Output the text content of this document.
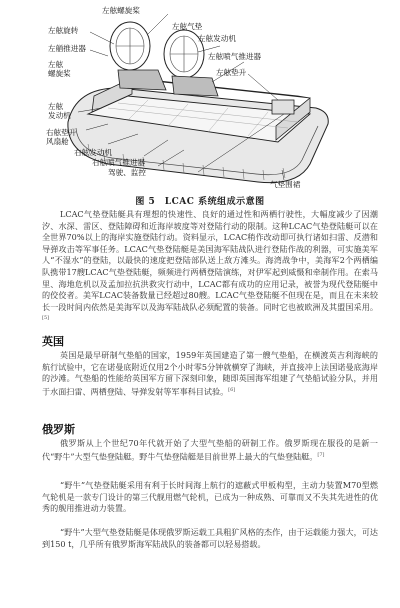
左舷螺旋桨
左舷旋转
左艏推进器
左舷
螺旋桨
左舷发动机
左舷喷气推进器
左舷垫升
左舷
发动机
右舷垫升
风扇舱
右舷发动机
右舷喷气推进器
驾驶、监控
气垫围裙
左舷气垫
图 5　LCAC 系统组成示意图
LCAC气垫登陆艇具有理想的快速性、良好的通过性和两栖行驶性，大幅度减少了因潮汐、水深、雷区、登陆障碍和近海岸坡度等对登陆行动的限制。这种LCAC气垫登陆艇可以在全世界70%以上的海岸实施登陆行动。资料显示，LCAC稍作改动即可执行诸如扫雷、反潜和导弹攻击等军事任务。LCAC气垫登陆艇是美国海军陆战队进行登陆作战的利器，可实施美军人“不湿水”的登陆，以最快的速度把登陆部队送上敌方滩头。海湾战争中，美海军2个两栖编队携带17艘LCAC气垫登陆艇，频频进行两栖登陆演练，对伊军起到威慑和牵制作用。在索马里、海地危机以及孟加拉抗洪救灾行动中，LCAC都有成功的应用记录，被誉为现代登陆艇中的佼佼者。美军LCAC装备数量已经超过80艘。LCAC气垫登陆艇不但现在是，而且在未来较长一段时间内依然是美海军以及海军陆战队必须配置的装备。同时它也被欧洲及其盟国采用。[5]
英国
英国是最早研制气垫船的国家，1959年英国建造了第一艘气垫船，在横渡英吉利海峡的航行试验中，它在诺曼底附近仅用2个小时零5分钟就横穿了海峡，并直接冲上法国诺曼底海岸的沙滩。气垫船的性能给英国军方留下深刻印象，随即英国海军组建了气垫船试验分队，并用于水面扫雷、两栖登陆、导弹发射等军事科目试验。[6]
俄罗斯
俄罗斯从上个世纪70年代就开始了大型气垫船的研制工作。俄罗斯现在服役的是新一代“野牛”大型气垫登陆艇。野牛气垫登陆艇是目前世界上最大的气垫登陆艇。[7]
“野牛”气垫登陆艇采用有利于长时间海上航行的遮蔽式甲板构型，主动力装置M70型燃气轮机是一款专门设计的第三代舰用燃气轮机，已成为一种成熟、可靠而又不失其先进性的优秀的舰用推进动力装置。
“野牛”大型气垫登陆艇是体现俄罗斯运载工具粗犷风格的杰作，由于运载能力强大，可达到150 t，几乎所有俄罗斯海军陆战队的装备都可以轻易搭载。
